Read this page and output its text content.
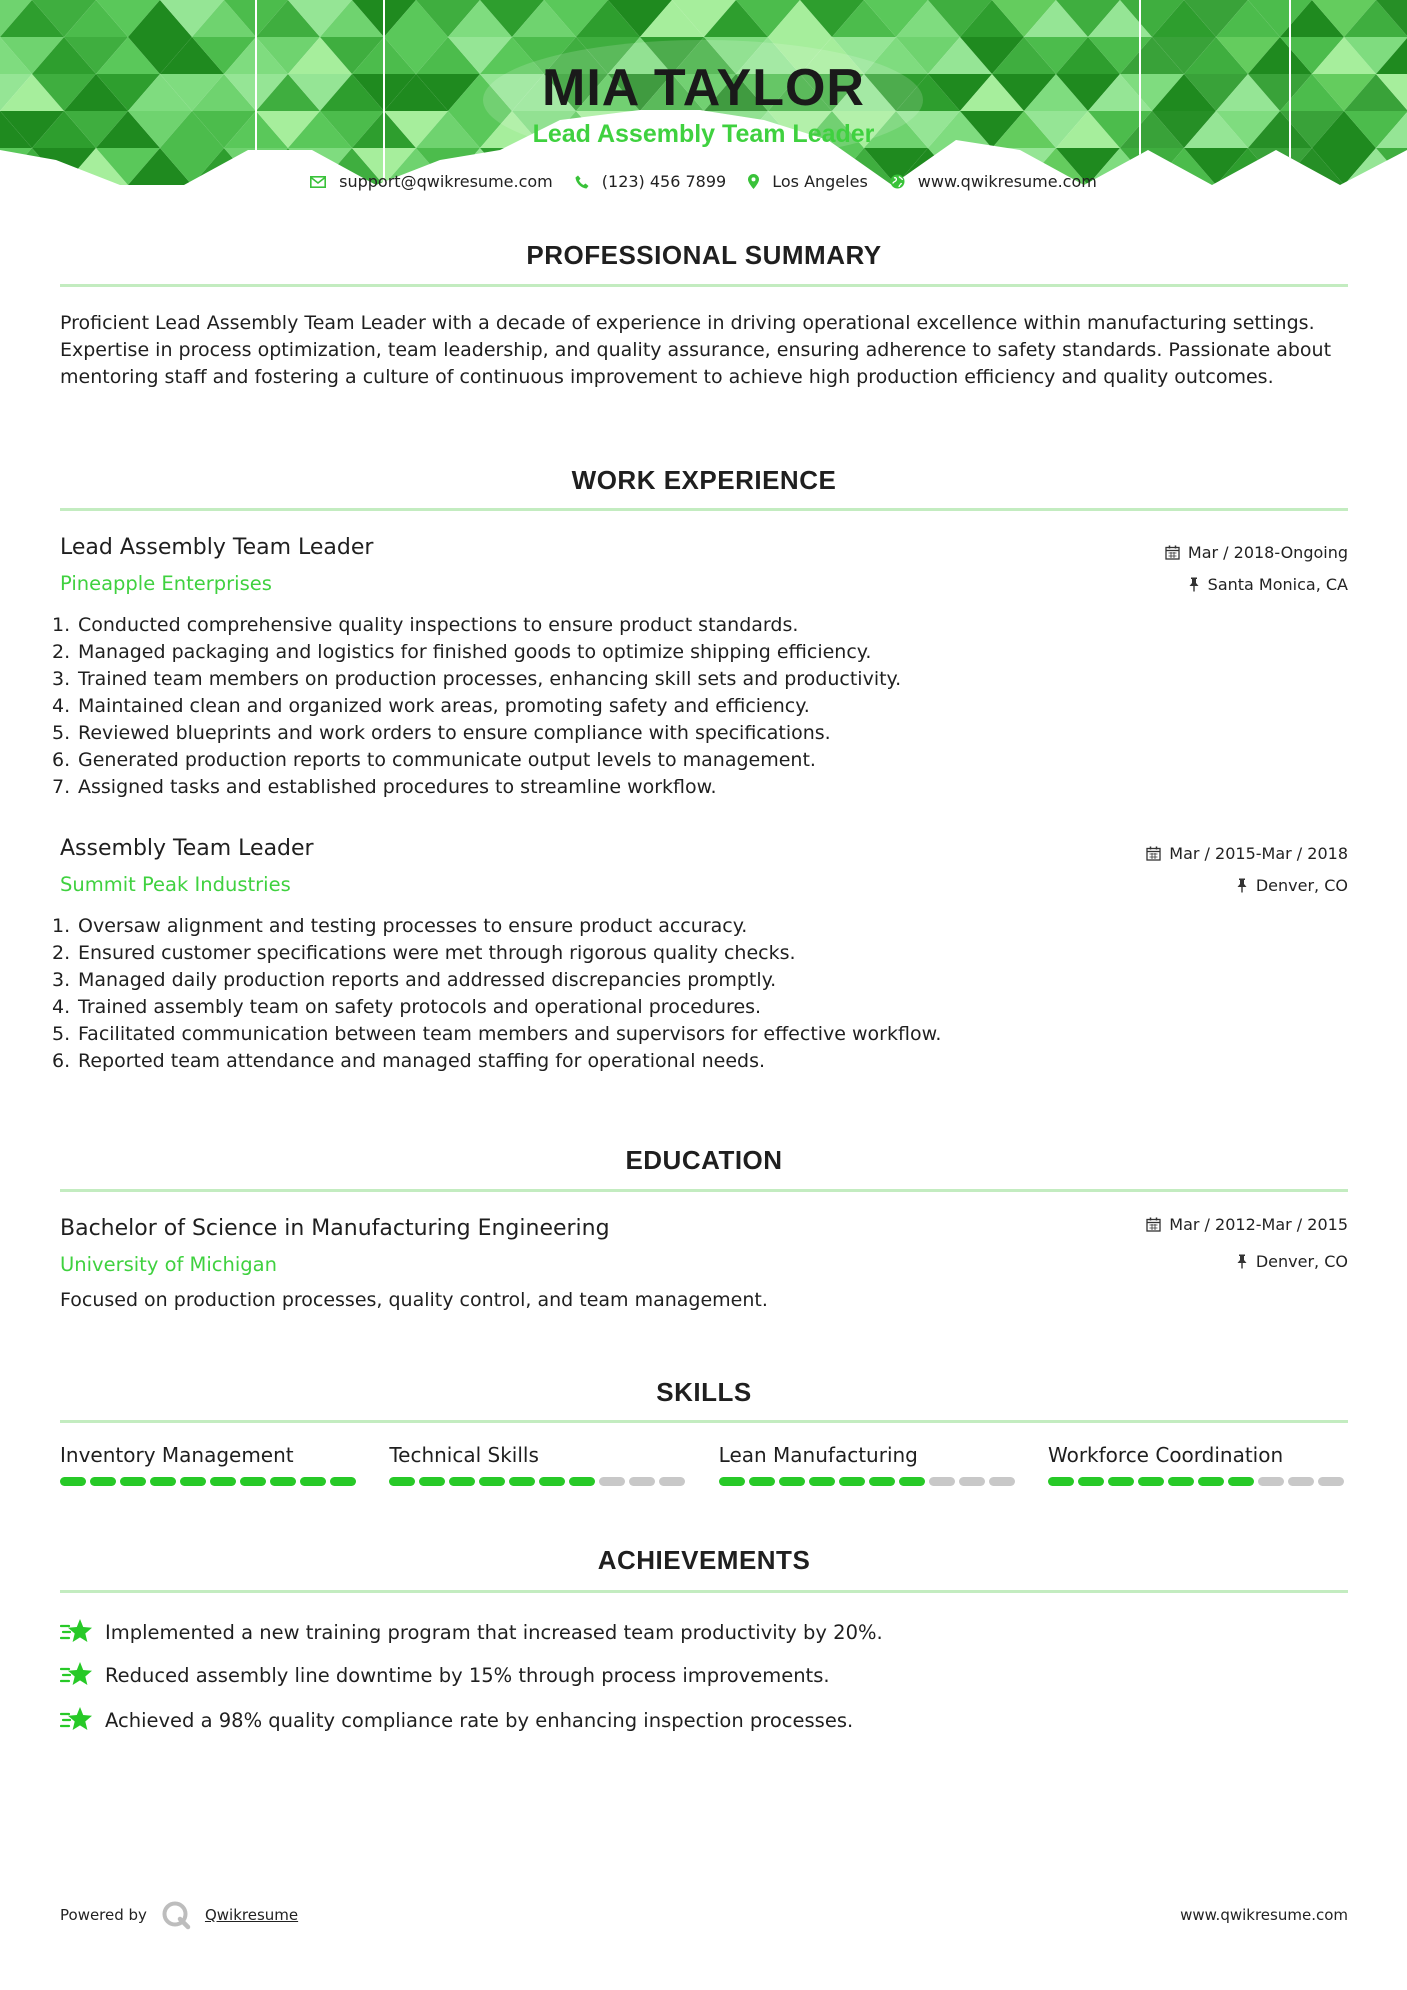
MIA TAYLOR
Lead Assembly Team Leader
support@qwikresume.com	(123) 456 7899	Los Angeles	www.qwikresume.com
PROFESSIONAL SUMMARY
Proficient Lead Assembly Team Leader with a decade of experience in driving operational excellence within manufacturing settings. Expertise in process optimization, team leadership, and quality assurance, ensuring adherence to safety standards. Passionate about mentoring staff and fostering a culture of continuous improvement to achieve high production efficiency and quality outcomes.
WORK EXPERIENCE
Lead Assembly Team Leader
Pineapple Enterprises
Mar / 2018-Ongoing
Santa Monica, CA
1. Conducted comprehensive quality inspections to ensure product standards.
2. Managed packaging and logistics for finished goods to optimize shipping efficiency.
3. Trained team members on production processes, enhancing skill sets and productivity.
4. Maintained clean and organized work areas, promoting safety and efficiency.
5. Reviewed blueprints and work orders to ensure compliance with specifications.
6. Generated production reports to communicate output levels to management.
7. Assigned tasks and established procedures to streamline workflow.
Assembly Team Leader
Summit Peak Industries
Mar / 2015-Mar / 2018
Denver, CO
1. Oversaw alignment and testing processes to ensure product accuracy.
2. Ensured customer specifications were met through rigorous quality checks.
3. Managed daily production reports and addressed discrepancies promptly.
4. Trained assembly team on safety protocols and operational procedures.
5. Facilitated communication between team members and supervisors for effective workflow.
6. Reported team attendance and managed staffing for operational needs.
EDUCATION
Bachelor of Science in Manufacturing Engineering
University of Michigan
Mar / 2012-Mar / 2015
Denver, CO
Focused on production processes, quality control, and team management.
SKILLS
Inventory Management	Technical Skills	Lean Manufacturing	Workforce Coordination
ACHIEVEMENTS
Implemented a new training program that increased team productivity by 20%.
Reduced assembly line downtime by 15% through process improvements.
Achieved a 98% quality compliance rate by enhancing inspection processes.
Powered by	Qwikresume	www.qwikresume.com
